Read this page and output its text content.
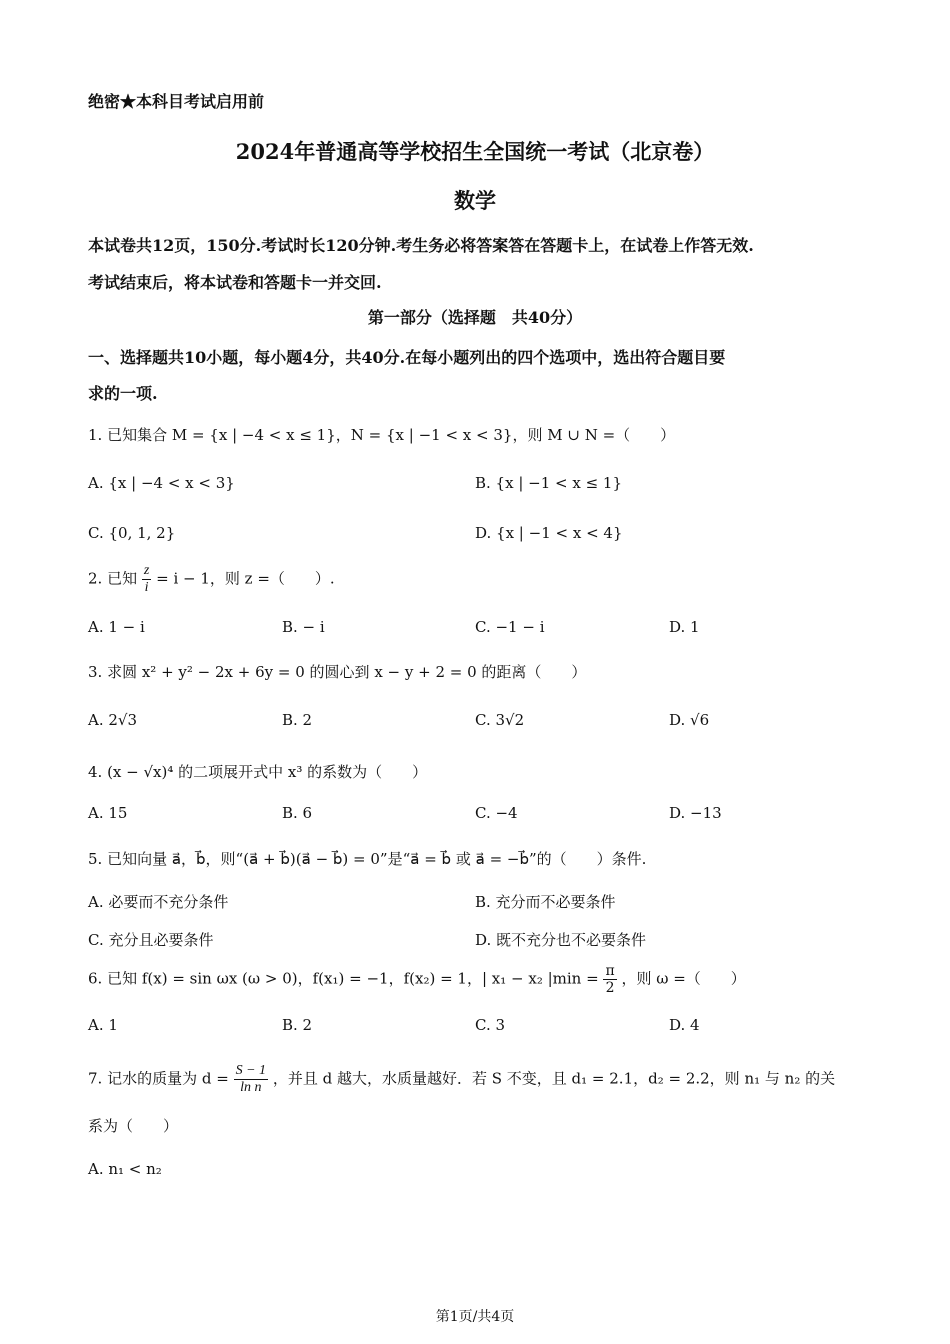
绝密★本科目考试启用前
2024年普通高等学校招生全国统一考试（北京卷）
数学
本试卷共12页，150分.考试时长120分钟.考生务必将答案答在答题卡上，在试卷上作答无效.
考试结束后，将本试卷和答题卡一并交回.
第一部分（选择题　共40分）
一、选择题共10小题，每小题4分，共40分.在每小题列出的四个选项中，选出符合题目要
求的一项.
1. 已知集合 M = {x | −4 < x ≤ 1}，N = {x | −1 < x < 3}，则 M ∪ N =（　　）
A. {x | −4 < x < 3}	B. {x | −1 < x ≤ 1}
C. {0, 1, 2}	D. {x | −1 < x < 4}
2. 已知 $\frac{z}{i} = i - 1$，则 z =（　　）.
A. 1 − i	B. − i	C. −1 − i	D. 1
3. 求圆 x² + y² − 2x + 6y = 0 的圆心到 x − y + 2 = 0 的距离（　　）
A. 2√3	B. 2	C. 3√2	D. √6
4. (x − √x)⁴ 的二项展开式中 x³ 的系数为（　　）
A. 15	B. 6	C. −4	D. −13
5. 已知向量 a⃗，b⃗，则“(a⃗ + b⃗)(a⃗ − b⃗) = 0”是“a⃗ = b⃗ 或 a⃗ = −b⃗”的（　　）条件.
A. 必要而不充分条件	B. 充分而不必要条件
C. 充分且必要条件	D. 既不充分也不必要条件
6. 已知 f(x) = sin ωx (ω > 0)，f(x₁) = −1，f(x₂) = 1，| x₁ − x₂ $|\min = \frac{\pi}{2}$ ，则 ω =（　　）
A. 1	B. 2	C. 3	D. 4
7. 记水的质量为 $d = \frac{S - 1}{\text{ln n}}$ ，并且 d 越大，水质量越好．若 S 不变，且 d₁ = 2.1，d₂ = 2.2，则 n₁ 与 n₂ 的关
系为（　　）
A. n₁ < n₂
第1页/共4页
